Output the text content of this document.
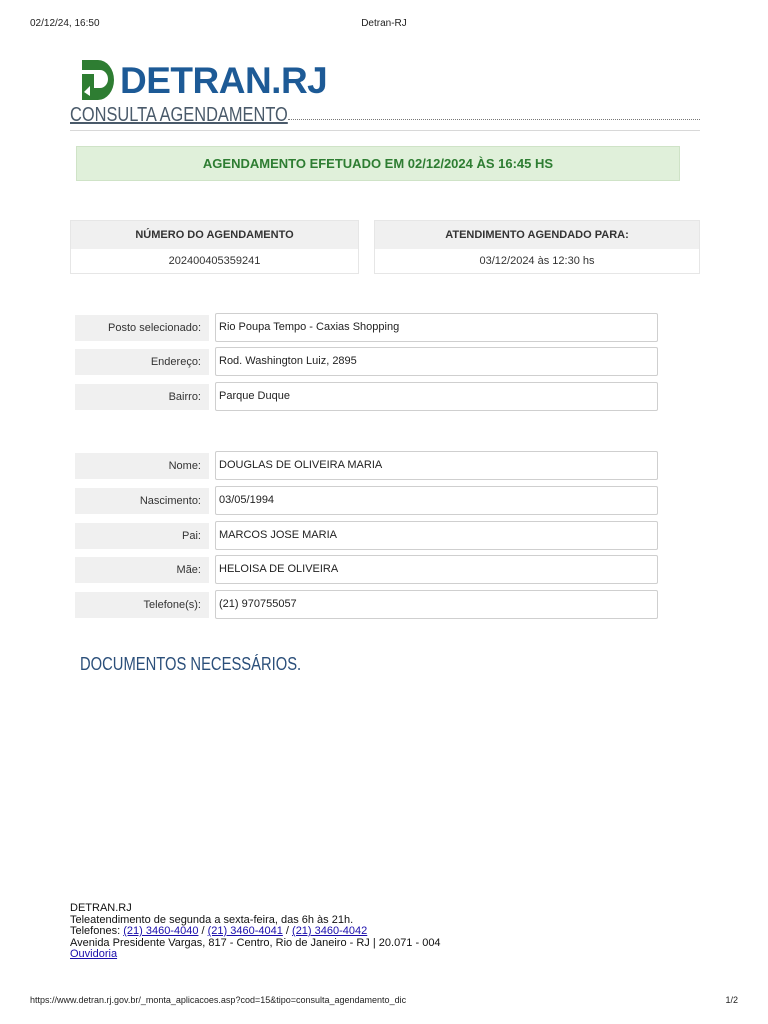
02/12/24, 16:50	Detran-RJ
DETRAN.RJ
CONSULTA AGENDAMENTO
AGENDAMENTO EFETUADO EM 02/12/2024 ÀS 16:45 HS
NÚMERO DO AGENDAMENTO
202400405359241
ATENDIMENTO AGENDADO PARA:
03/12/2024 às 12:30 hs
Posto selecionado:	Rio Poupa Tempo - Caxias Shopping
Endereço:	Rod. Washington Luiz, 2895
Bairro:	Parque Duque
Nome:	DOUGLAS DE OLIVEIRA MARIA
Nascimento:	03/05/1994
Pai:	MARCOS JOSE MARIA
Mãe:	HELOISA DE OLIVEIRA
Telefone(s):	(21) 970755057
DOCUMENTOS NECESSÁRIOS.
DETRAN.RJ
Teleatendimento de segunda a sexta-feira, das 6h às 21h.
Telefones: (21) 3460-4040 / (21) 3460-4041 / (21) 3460-4042
Avenida Presidente Vargas, 817 - Centro, Rio de Janeiro - RJ | 20.071 - 004
Ouvidoria
https://www.detran.rj.gov.br/_monta_aplicacoes.asp?cod=15&tipo=consulta_agendamento_dic	1/2
